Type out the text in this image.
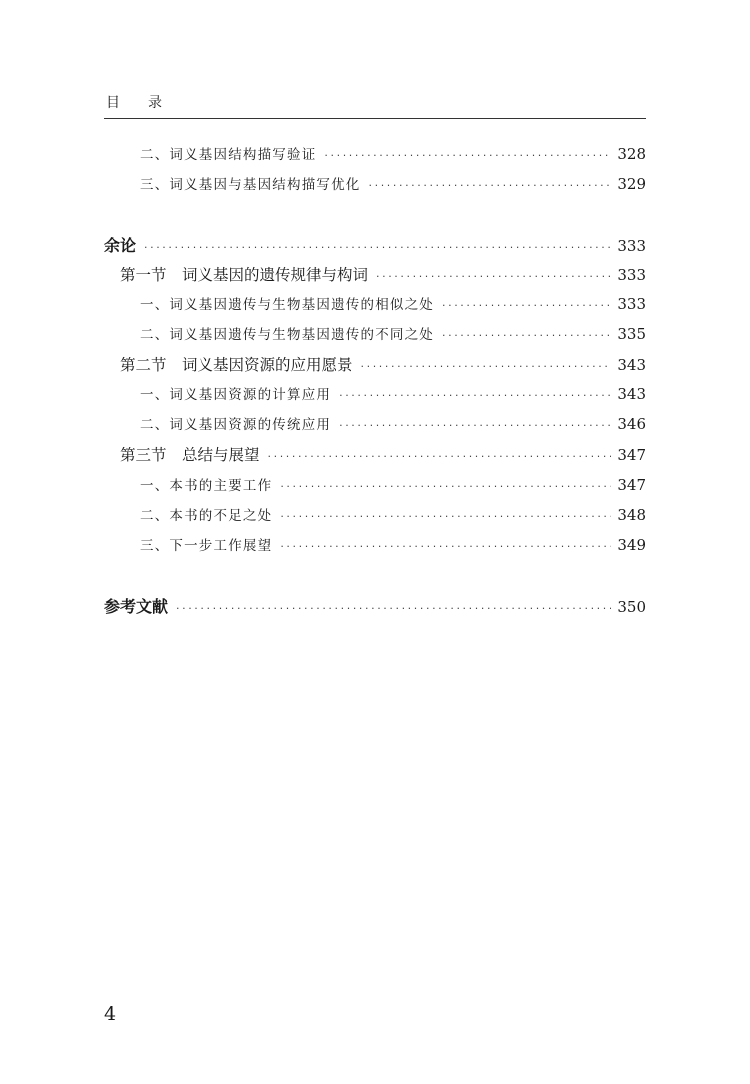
目录
二、词义基因结构描写验证 ·····	328
三、词义基因与基因结构描写优化 ·····	329
余论 ·····	333
第一节　词义基因的遗传规律与构词 ·····	333
一、词义基因遗传与生物基因遗传的相似之处 ·····	333
二、词义基因遗传与生物基因遗传的不同之处 ·····	335
第二节　词义基因资源的应用愿景 ·····	343
一、词义基因资源的计算应用 ·····	343
二、词义基因资源的传统应用 ·····	346
第三节　总结与展望 ·····	347
一、本书的主要工作 ·····	347
二、本书的不足之处 ·····	348
三、下一步工作展望 ·····	349
参考文献 ·····	350
4
